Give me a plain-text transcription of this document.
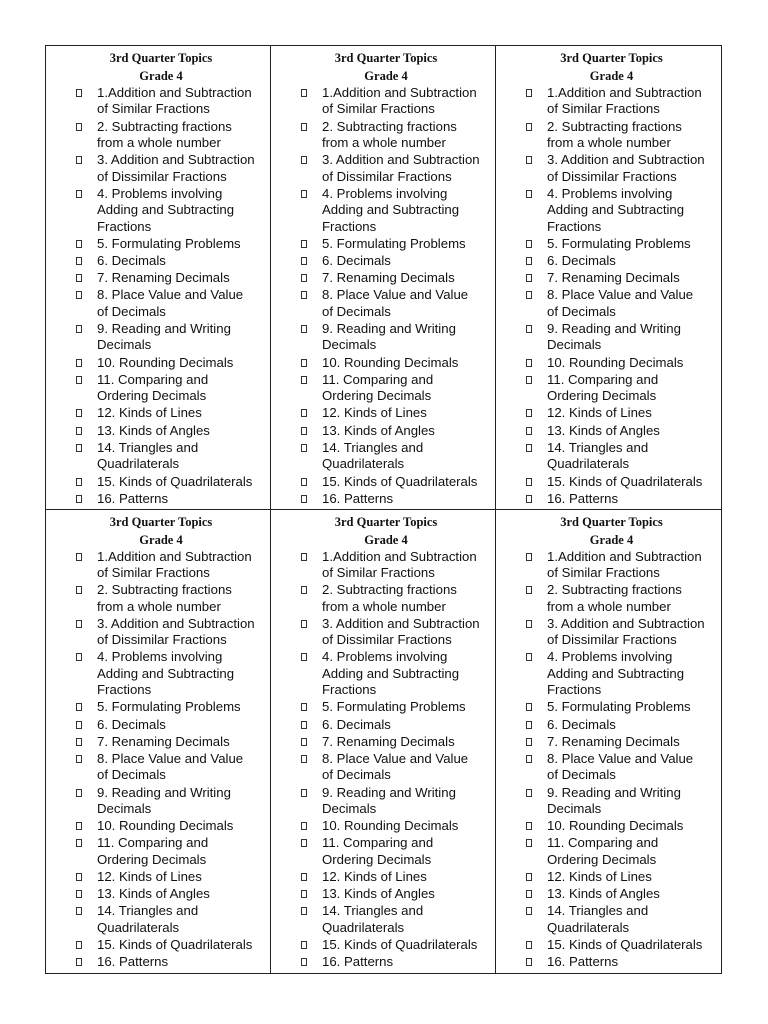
3rd Quarter Topics
Grade 4
1.Addition and Subtraction
of Similar Fractions
2. Subtracting fractions
from a whole number
3. Addition and Subtraction
of Dissimilar Fractions
4. Problems involving
Adding and Subtracting
Fractions
5. Formulating Problems
6. Decimals
7. Renaming Decimals
8. Place Value and Value
of Decimals
9. Reading and Writing
Decimals
10. Rounding Decimals
11. Comparing and
Ordering Decimals
12. Kinds of Lines
13. Kinds of Angles
14. Triangles and
Quadrilaterals
15. Kinds of Quadrilaterals
16. Patterns
3rd Quarter Topics
Grade 4
1.Addition and Subtraction
of Similar Fractions
2. Subtracting fractions
from a whole number
3. Addition and Subtraction
of Dissimilar Fractions
4. Problems involving
Adding and Subtracting
Fractions
5. Formulating Problems
6. Decimals
7. Renaming Decimals
8. Place Value and Value
of Decimals
9. Reading and Writing
Decimals
10. Rounding Decimals
11. Comparing and
Ordering Decimals
12. Kinds of Lines
13. Kinds of Angles
14. Triangles and
Quadrilaterals
15. Kinds of Quadrilaterals
16. Patterns
3rd Quarter Topics
Grade 4
1.Addition and Subtraction
of Similar Fractions
2. Subtracting fractions
from a whole number
3. Addition and Subtraction
of Dissimilar Fractions
4. Problems involving
Adding and Subtracting
Fractions
5. Formulating Problems
6. Decimals
7. Renaming Decimals
8. Place Value and Value
of Decimals
9. Reading and Writing
Decimals
10. Rounding Decimals
11. Comparing and
Ordering Decimals
12. Kinds of Lines
13. Kinds of Angles
14. Triangles and
Quadrilaterals
15. Kinds of Quadrilaterals
16. Patterns
3rd Quarter Topics
Grade 4
1.Addition and Subtraction
of Similar Fractions
2. Subtracting fractions
from a whole number
3. Addition and Subtraction
of Dissimilar Fractions
4. Problems involving
Adding and Subtracting
Fractions
5. Formulating Problems
6. Decimals
7. Renaming Decimals
8. Place Value and Value
of Decimals
9. Reading and Writing
Decimals
10. Rounding Decimals
11. Comparing and
Ordering Decimals
12. Kinds of Lines
13. Kinds of Angles
14. Triangles and
Quadrilaterals
15. Kinds of Quadrilaterals
16. Patterns
3rd Quarter Topics
Grade 4
1.Addition and Subtraction
of Similar Fractions
2. Subtracting fractions
from a whole number
3. Addition and Subtraction
of Dissimilar Fractions
4. Problems involving
Adding and Subtracting
Fractions
5. Formulating Problems
6. Decimals
7. Renaming Decimals
8. Place Value and Value
of Decimals
9. Reading and Writing
Decimals
10. Rounding Decimals
11. Comparing and
Ordering Decimals
12. Kinds of Lines
13. Kinds of Angles
14. Triangles and
Quadrilaterals
15. Kinds of Quadrilaterals
16. Patterns
3rd Quarter Topics
Grade 4
1.Addition and Subtraction
of Similar Fractions
2. Subtracting fractions
from a whole number
3. Addition and Subtraction
of Dissimilar Fractions
4. Problems involving
Adding and Subtracting
Fractions
5. Formulating Problems
6. Decimals
7. Renaming Decimals
8. Place Value and Value
of Decimals
9. Reading and Writing
Decimals
10. Rounding Decimals
11. Comparing and
Ordering Decimals
12. Kinds of Lines
13. Kinds of Angles
14. Triangles and
Quadrilaterals
15. Kinds of Quadrilaterals
16. Patterns
